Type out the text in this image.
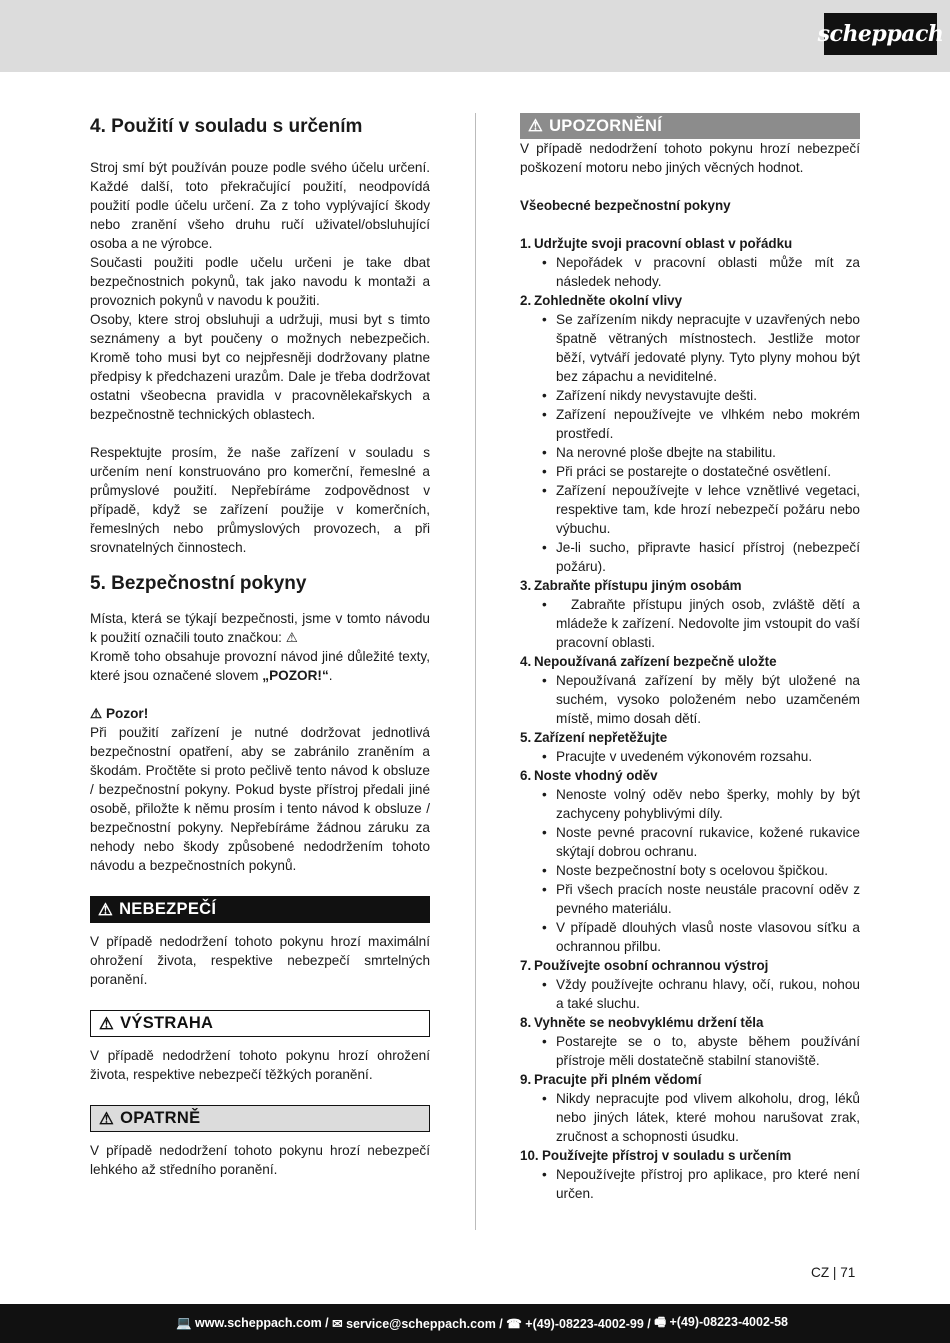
scheppach
4. Použití v souladu s určením

Stroj smí být používán pouze podle svého účelu určení. Každé další, toto překračující použití, neodpovídá použití podle účelu určení. Za z toho vyplývající škody nebo zranění všeho druhu ručí uživatel/obsluhující osoba a ne výrobce.

Současti použiti podle učelu určeni je take dbat bezpečnostnich pokynů, tak jako navodu k montaži a provoznich pokynů v navodu k použiti.

Osoby, ktere stroj obsluhuji a udržuji, musi byt s timto seznámeny a byt poučeny o možnych nebezpečich. Kromě toho musi byt co nejpřesněji dodržovany platne předpisy k předchazeni urazům. Dale je třeba dodržovat ostatni všeobecna pravidla v pracovnělekařskych a bezpečnostně technických oblastech.

Respektujte prosím, že naše zařízení v souladu s určením není konstruováno pro komerční, řemeslné a průmyslové použití. Nepřebíráme zodpovědnost v případě, když se zařízení použije v komerčních, řemeslných nebo průmyslových provozech, a při srovnatelných činnostech.

5. Bezpečnostní pokyny

Místa, která se týkají bezpečnosti, jsme v tomto návodu k použití označili touto značkou: ⚠

Kromě toho obsahuje provozní návod jiné důležité texty, které jsou označené slovem „POZOR!“.

⚠ Pozor!

Při použití zařízení je nutné dodržovat jednotlivá bezpečnostní opatření, aby se zabránilo zraněním a škodám. Pročtěte si proto pečlivě tento návod k obsluze / bezpečnostní pokyny. Pokud byste přístroj předali jiné osobě, přiložte k němu prosím i tento návod k obsluze / bezpečnostní pokyny. Nepřebíráme žádnou záruku za nehody nebo škody způsobené nedodržením tohoto návodu a bezpečnostních pokynů.

⚠ NEBEZPEČÍ

V případě nedodržení tohoto pokynu hrozí maximální ohrožení života, respektive nebezpečí smrtelných poranění.

⚠ VÝSTRAHA

V případě nedodržení tohoto pokynu hrozí ohrožení života, respektive nebezpečí těžkých poranění.

⚠ OPATRNĚ

V případě nedodržení tohoto pokynu hrozí nebezpečí lehkého až středního poranění.

⚠ UPOZORNĚNÍ

V případě nedodržení tohoto pokynu hrozí nebezpečí poškození motoru nebo jiných věcných hodnot.

Všeobecné bezpečnostní pokyny

1. Udržujte svoji pracovní oblast v pořádku
• Nepořádek v pracovní oblasti může mít za následek nehody.
2. Zohledněte okolní vlivy
• Se zařízením nikdy nepracujte v uzavřených nebo špatně větraných místnostech. Jestliže motor běží, vytváří jedovaté plyny. Tyto plyny mohou být bez zápachu a neviditelné.
• Zařízení nikdy nevystavujte dešti.
• Zařízení nepoužívejte ve vlhkém nebo mokrém prostředí.
• Na nerovné ploše dbejte na stabilitu.
• Při práci se postarejte o dostatečné osvětlení.
• Zařízení nepoužívejte v lehce vznětlivé vegetaci, respektive tam, kde hrozí nebezpečí požáru nebo výbuchu.
• Je-li sucho, připravte hasicí přístroj (nebezpečí požáru).
3. Zabraňte přístupu jiným osobám
•   Zabraňte přístupu jiných osob, zvláště dětí a mládeže k zařízení. Nedovolte jim vstoupit do vaší pracovní oblasti.
4. Nepoužívaná zařízení bezpečně uložte
• Nepoužívaná zařízení by měly být uložené na suchém, vysoko položeném nebo uzamčeném místě, mimo dosah dětí.
5. Zařízení nepřetěžujte
• Pracujte v uvedeném výkonovém rozsahu.
6. Noste vhodný oděv
• Nenoste volný oděv nebo šperky, mohly by být zachyceny pohyblivými díly.
• Noste pevné pracovní rukavice, kožené rukavice skýtají dobrou ochranu.
• Noste bezpečnostní boty s ocelovou špičkou.
• Při všech pracích noste neustále pracovní oděv z pevného materiálu.
• V případě dlouhých vlasů noste vlasovou síťku a ochrannou přilbu.
7. Používejte osobní ochrannou výstroj
• Vždy používejte ochranu hlavy, očí, rukou, nohou a také sluchu.
8. Vyhněte se neobvyklému držení těla
• Postarejte se o to, abyste během používání přístroje měli dostatečně stabilní stanoviště.
9. Pracujte při plném vědomí
• Nikdy nepracujte pod vlivem alkoholu, drog, léků nebo jiných látek, které mohou narušovat zrak, zručnost a schopnosti úsudku.
10. Používejte přístroj v souladu s určením
• Nepoužívejte přístroj pro aplikace, pro které není určen.
CZ | 71
💻 www.scheppach.com / ✉ service@scheppach.com / ☎ +(49)-08223-4002-99 / 🖷 +(49)-08223-4002-58
